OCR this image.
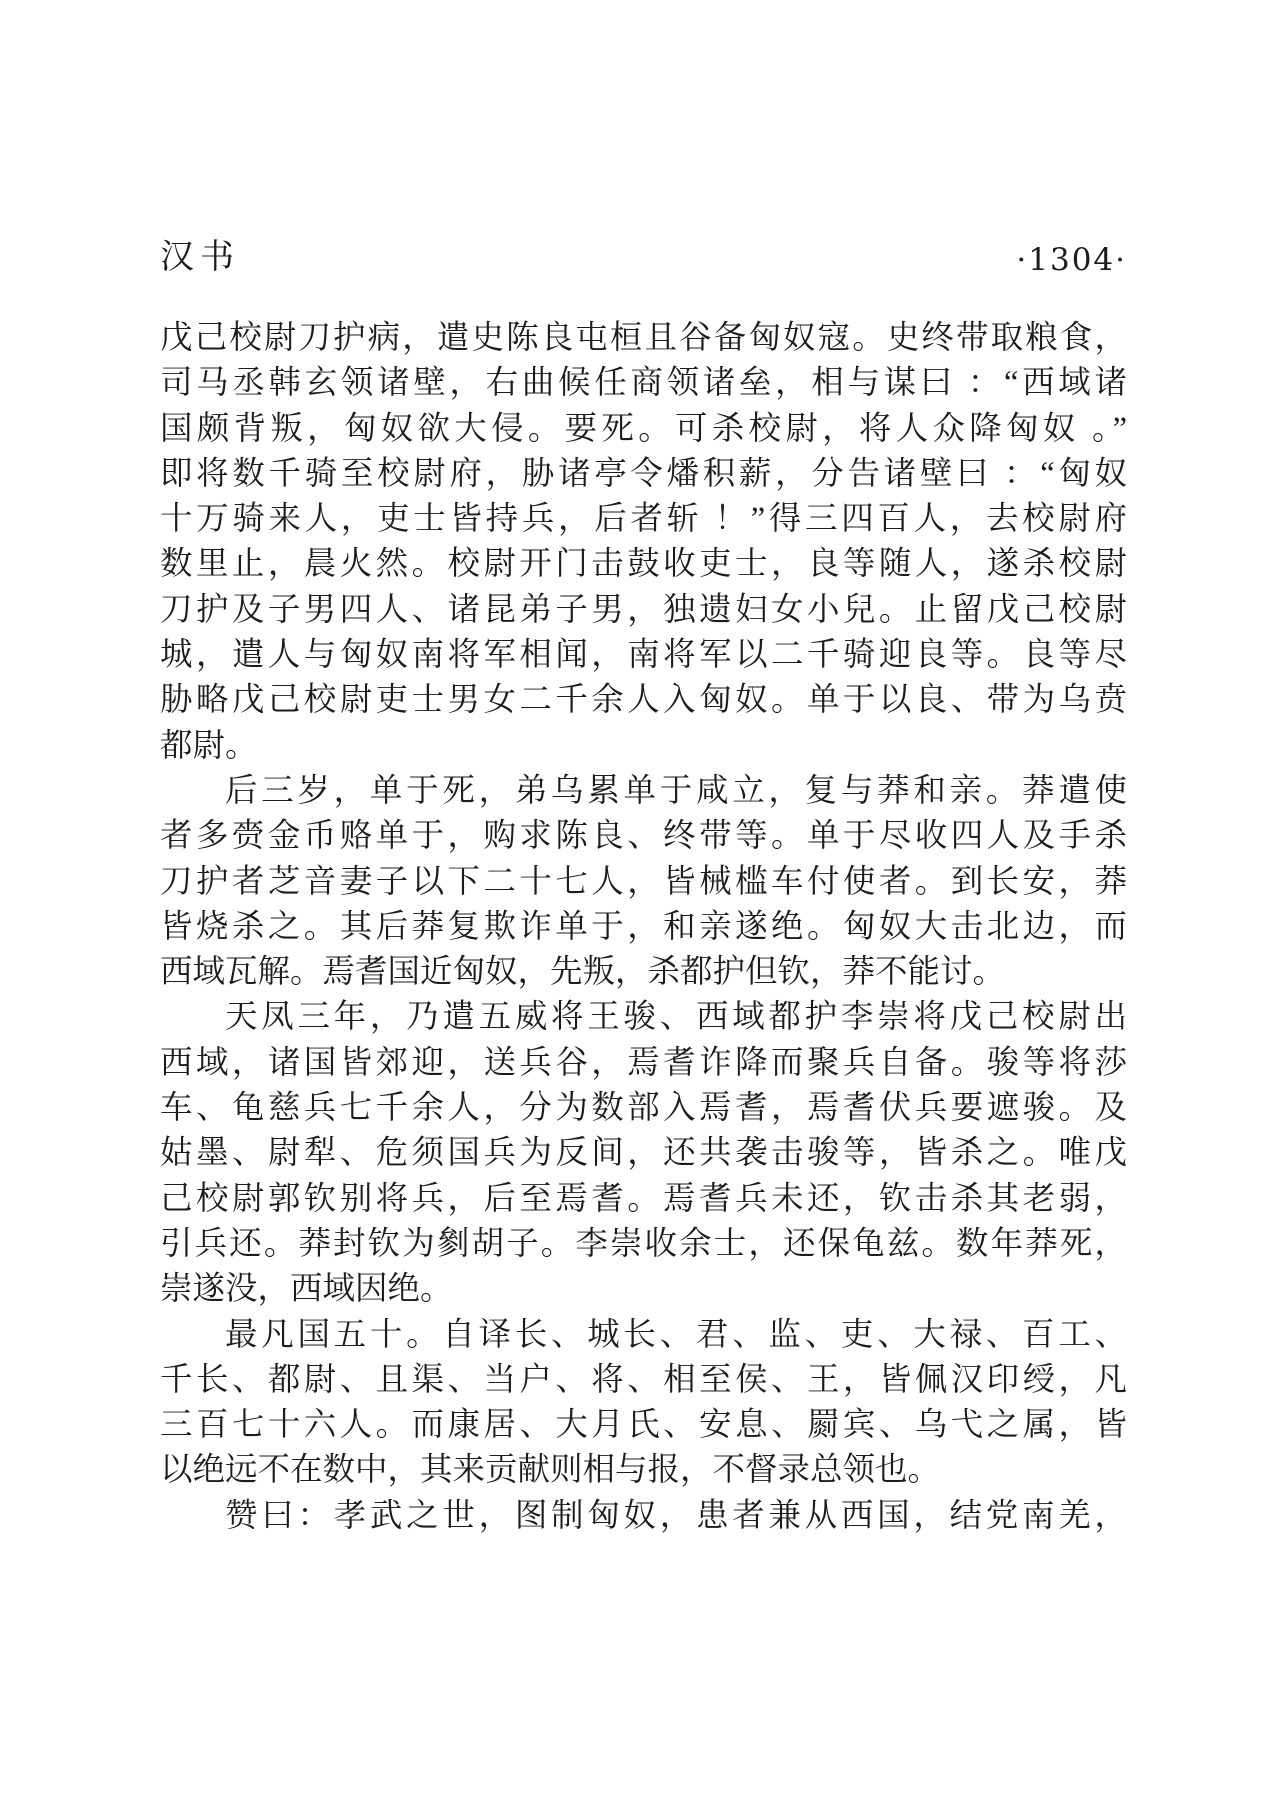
汉书	·1304·
戊己校尉刀护病，遣史陈良屯桓且谷备匈奴寇。史终带取粮食，
司马丞韩玄领诸壁，右曲候任商领诸垒，相与谋曰 ：“西域诸
国颇背叛，匈奴欲大侵。要死。可杀校尉，将人众降匈奴 。”
即将数千骑至校尉府，胁诸亭令燔积薪，分告诸壁曰 ：“匈奴
十万骑来人，吏士皆持兵，后者斩 ！”得三四百人，去校尉府
数里止，晨火然。校尉开门击鼓收吏士，良等随人，遂杀校尉
刀护及子男四人、诸昆弟子男，独遗妇女小兒。止留戊己校尉
城，遣人与匈奴南将军相闻，南将军以二千骑迎良等。良等尽
胁略戊己校尉吏士男女二千余人入匈奴。单于以良、带为乌贲
都尉。
后三岁，单于死，弟乌累单于咸立，复与莽和亲。莽遣使
者多赍金币赂单于，购求陈良、终带等。单于尽收四人及手杀
刀护者芝音妻子以下二十七人，皆械槛车付使者。到长安，莽
皆烧杀之。其后莽复欺诈单于，和亲遂绝。匈奴大击北边，而
西域瓦解。焉耆国近匈奴，先叛，杀都护但钦，莽不能讨。
天凤三年，乃遣五威将王骏、西域都护李崇将戊己校尉出
西域，诸国皆郊迎，送兵谷，焉耆诈降而聚兵自备。骏等将莎
车、龟慈兵七千余人，分为数部入焉耆，焉耆伏兵要遮骏。及
姑墨、尉犁、危须国兵为反间，还共袭击骏等，皆杀之。唯戊
己校尉郭钦别将兵，后至焉耆。焉耆兵未还，钦击杀其老弱，
引兵还。莽封钦为剼胡子。李崇收余士，还保龟兹。数年莽死，
崇遂没，西域因绝。
最凡国五十。自译长、城长、君、监、吏、大禄、百工、
千长、都尉、且渠、当户、将、相至侯、王，皆佩汉印绶，凡
三百七十六人。而康居、大月氏、安息、罽宾、乌弋之属，皆
以绝远不在数中，其来贡献则相与报，不督录总领也。
赞曰：孝武之世，图制匈奴，患者兼从西国，结党南羌，
